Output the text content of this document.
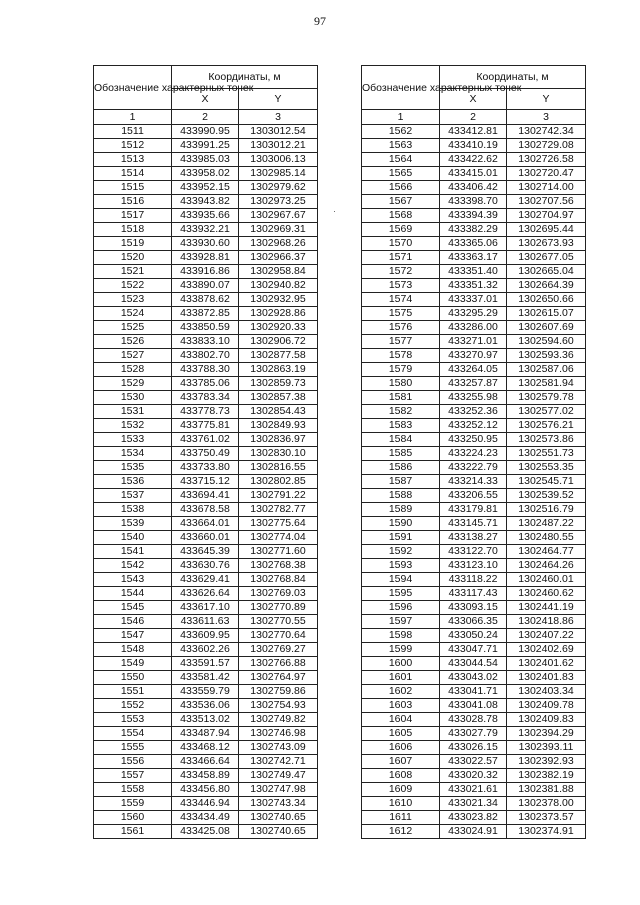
97
·
Обозначение характерных точек	Координаты, м	
	X	Y
1	2	3
1511	433990.95	1303012.54
1512	433991.25	1303012.21
1513	433985.03	1303006.13
1514	433958.02	1302985.14
1515	433952.15	1302979.62
1516	433943.82	1302973.25
1517	433935.66	1302967.67
1518	433932.21	1302969.31
1519	433930.60	1302968.26
1520	433928.81	1302966.37
1521	433916.86	1302958.84
1522	433890.07	1302940.82
1523	433878.62	1302932.95
1524	433872.85	1302928.86
1525	433850.59	1302920.33
1526	433833.10	1302906.72
1527	433802.70	1302877.58
1528	433788.30	1302863.19
1529	433785.06	1302859.73
1530	433783.34	1302857.38
1531	433778.73	1302854.43
1532	433775.81	1302849.93
1533	433761.02	1302836.97
1534	433750.49	1302830.10
1535	433733.80	1302816.55
1536	433715.12	1302802.85
1537	433694.41	1302791.22
1538	433678.58	1302782.77
1539	433664.01	1302775.64
1540	433660.01	1302774.04
1541	433645.39	1302771.60
1542	433630.76	1302768.38
1543	433629.41	1302768.84
1544	433626.64	1302769.03
1545	433617.10	1302770.89
1546	433611.63	1302770.55
1547	433609.95	1302770.64
1548	433602.26	1302769.27
1549	433591.57	1302766.88
1550	433581.42	1302764.97
1551	433559.79	1302759.86
1552	433536.06	1302754.93
1553	433513.02	1302749.82
1554	433487.94	1302746.98
1555	433468.12	1302743.09
1556	433466.64	1302742.71
1557	433458.89	1302749.47
1558	433456.80	1302747.98
1559	433446.94	1302743.34
1560	433434.49	1302740.65
1561	433425.08	1302740.65
Обозначение характерных точек	Координаты, м	
	X	Y
1	2	3
1562	433412.81	1302742.34
1563	433410.19	1302729.08
1564	433422.62	1302726.58
1565	433415.01	1302720.47
1566	433406.42	1302714.00
1567	433398.70	1302707.56
1568	433394.39	1302704.97
1569	433382.29	1302695.44
1570	433365.06	1302673.93
1571	433363.17	1302677.05
1572	433351.40	1302665.04
1573	433351.32	1302664.39
1574	433337.01	1302650.66
1575	433295.29	1302615.07
1576	433286.00	1302607.69
1577	433271.01	1302594.60
1578	433270.97	1302593.36
1579	433264.05	1302587.06
1580	433257.87	1302581.94
1581	433255.98	1302579.78
1582	433252.36	1302577.02
1583	433252.12	1302576.21
1584	433250.95	1302573.86
1585	433224.23	1302551.73
1586	433222.79	1302553.35
1587	433214.33	1302545.71
1588	433206.55	1302539.52
1589	433179.81	1302516.79
1590	433145.71	1302487.22
1591	433138.27	1302480.55
1592	433122.70	1302464.77
1593	433123.10	1302464.26
1594	433118.22	1302460.01
1595	433117.43	1302460.62
1596	433093.15	1302441.19
1597	433066.35	1302418.86
1598	433050.24	1302407.22
1599	433047.71	1302402.69
1600	433044.54	1302401.62
1601	433043.02	1302401.83
1602	433041.71	1302403.34
1603	433041.08	1302409.78
1604	433028.78	1302409.83
1605	433027.79	1302394.29
1606	433026.15	1302393.11
1607	433022.57	1302392.93
1608	433020.32	1302382.19
1609	433021.61	1302381.88
1610	433021.34	1302378.00
1611	433023.82	1302373.57
1612	433024.91	1302374.91
